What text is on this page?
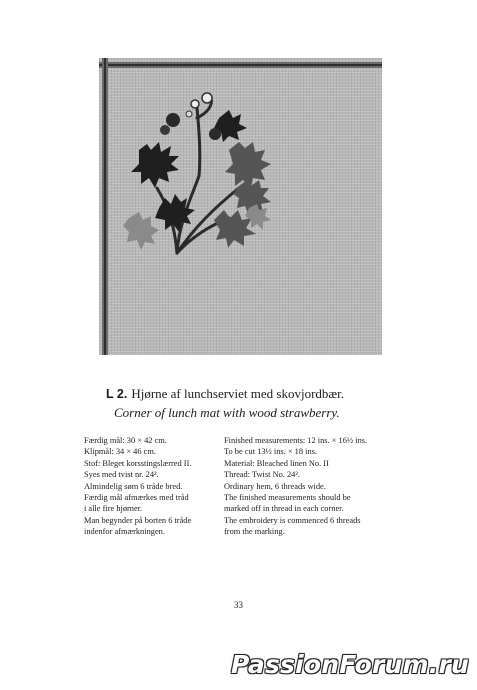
L 2. Hjørne af lunchserviet med skovjordbær.
Corner of lunch mat with wood strawberry.
Færdig mål: 30 × 42 cm.
Klipmål: 34 × 46 cm.
Stof: Bleget korsstingslærred II.
Syes med tvist nr. 24².
Almindelig søm 6 tråde bred.
Færdig mål afmærkes med tråd
i alle fire hjørner.
Man begynder på borten 6 tråde
indenfor afmærkningen.
Finished measurements: 12 ins. × 16½ ins.
To be cut 13½ ins. × 18 ins.
Material: Bleached linen No. II
Thread: Twist No. 24².
Ordinary hem, 6 threads wide.
The finished measurements should be
marked off in thread in each corner.
The embroidery is commenced 6 threads
from the marking.
33
PassionForum.ru
